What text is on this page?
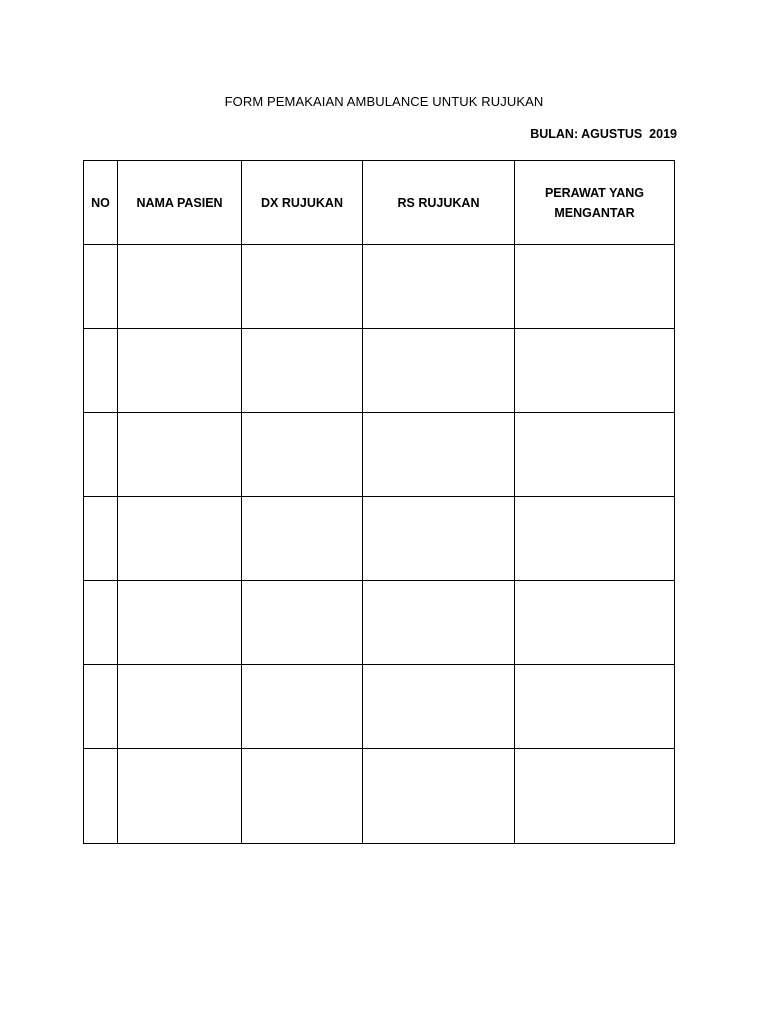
FORM PEMAKAIAN AMBULANCE UNTUK RUJUKAN
BULAN: AGUSTUS  2019
NO	NAMA PASIEN	DX RUJUKAN	RS RUJUKAN	PERAWAT YANG
MENGANTAR
